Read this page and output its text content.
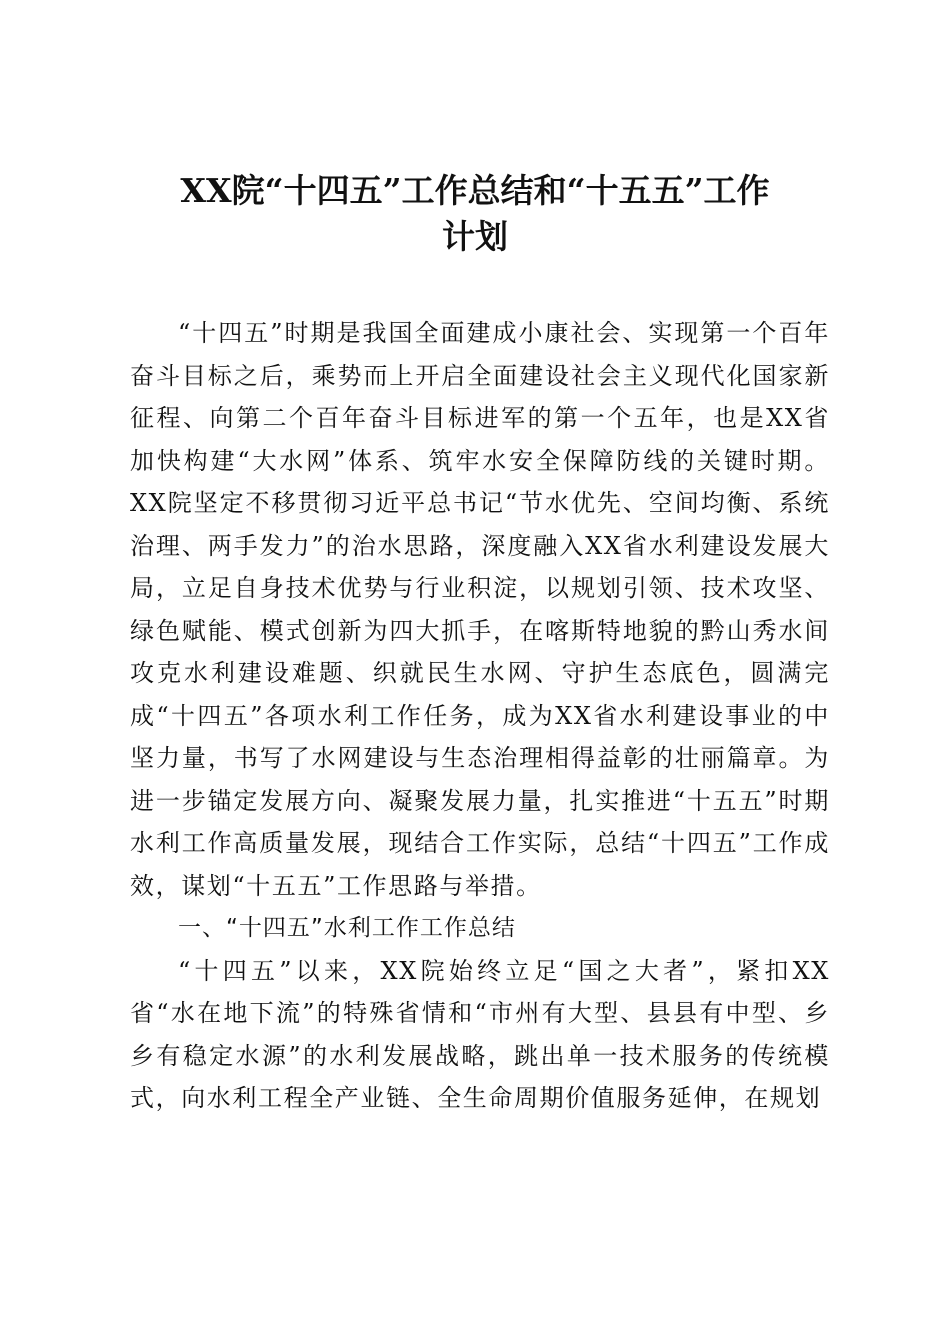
XX院“十四五”工作总结和“十五五”工作
计划

“十四五”时期是我国全面建成小康社会、实现第一个百年奋斗目标之后，乘势而上开启全面建设社会主义现代化国家新征程、向第二个百年奋斗目标进军的第一个五年，也是XX省加快构建“大水网”体系、筑牢水安全保障防线的关键时期。XX院坚定不移贯彻习近平总书记“节水优先、空间均衡、系统治理、两手发力”的治水思路，深度融入XX省水利建设发展大局，立足自身技术优势与行业积淀，以规划引领、技术攻坚、绿色赋能、模式创新为四大抓手，在喀斯特地貌的黔山秀水间攻克水利建设难题、织就民生水网、守护生态底色，圆满完成“十四五”各项水利工作任务，成为XX省水利建设事业的中坚力量，书写了水网建设与生态治理相得益彰的壮丽篇章。为进一步锚定发展方向、凝聚发展力量，扎实推进“十五五”时期水利工作高质量发展，现结合工作实际，总结“十四五”工作成效，谋划“十五五”工作思路与举措。

一、“十四五”水利工作工作总结

“十四五”以来，XX院始终立足“国之大者”，紧扣XX省“水在地下流”的特殊省情和“市州有大型、县县有中型、乡乡有稳定水源”的水利发展战略，跳出单一技术服务的传统模式，向水利工程全产业链、全生命周期价值服务延伸，在规划
